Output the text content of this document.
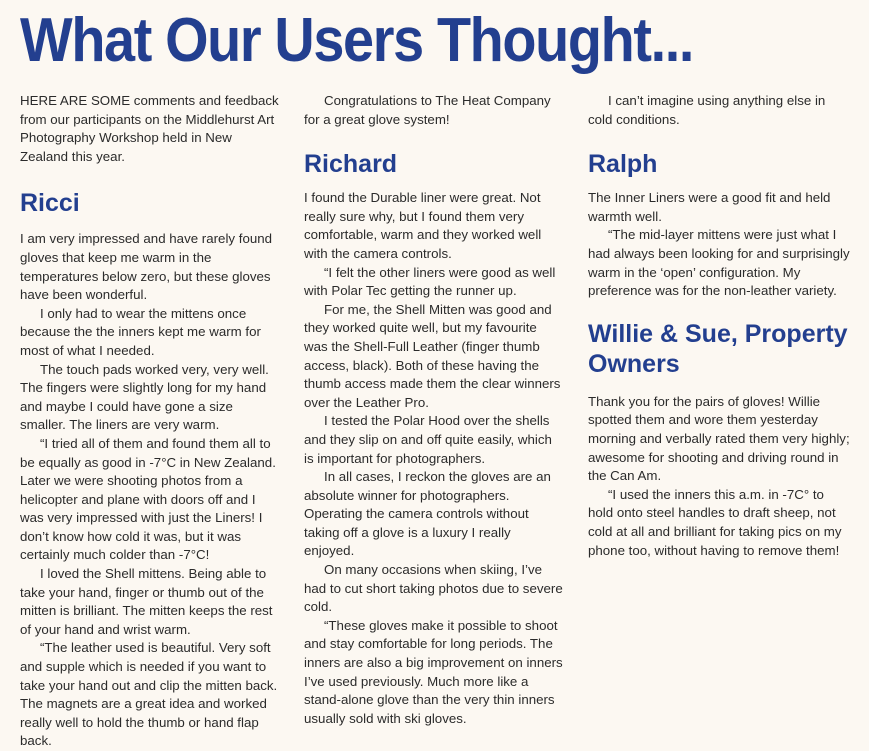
What Our Users Thought...

HERE ARE SOME comments and feedback from our participants on the Middlehurst Art Photography Workshop held in New Zealand this year.

Ricci

I am very impressed and have rarely found gloves that keep me warm in the temperatures below zero, but these gloves have been wonderful.

I only had to wear the mittens once because the the inners kept me warm for most of what I needed.

The touch pads worked very, very well. The fingers were slightly long for my hand and maybe I could have gone a size smaller. The liners are very warm.

“I tried all of them and found them all to be equally as good in -7°C in New Zealand. Later we were shooting photos from a helicopter and plane with doors off and I was very impressed with just the Liners! I don’t know how cold it was, but it was certainly much colder than -7°C!

I loved the Shell mittens. Being able to take your hand, finger or thumb out of the mitten is brilliant. The mitten keeps the rest of your hand and wrist warm.

“The leather used is beautiful. Very soft and supple which is needed if you want to take your hand out and clip the mitten back. The magnets are a great idea and worked really well to hold the thumb or hand flap back.

Congratulations to The Heat Company for a great glove system!

Richard

I found the Durable liner were great. Not really sure why, but I found them very comfortable, warm and they worked well with the camera controls.

“I felt the other liners were good as well with Polar Tec getting the runner up.

For me, the Shell Mitten was good and they worked quite well, but my favourite was the Shell-Full Leather (finger thumb access, black). Both of these having the thumb access made them the clear winners over the Leather Pro.

I tested the Polar Hood over the shells and they slip on and off quite easily, which is important for photographers.

In all cases, I reckon the gloves are an absolute winner for photographers. Operating the camera controls without taking off a glove is a luxury I really enjoyed.

On many occasions when skiing, I’ve had to cut short taking photos due to severe cold.

“These gloves make it possible to shoot and stay comfortable for long periods. The inners are also a big improvement on inners I’ve used previously. Much more like a stand-alone glove than the very thin inners usually sold with ski gloves.

I can’t imagine using anything else in cold conditions.

Ralph

The Inner Liners were a good fit and held warmth well.

“The mid-layer mittens were just what I had always been looking for and surprisingly warm in the ‘open’ configuration. My preference was for the non-leather variety.

Willie & Sue, Property Owners

Thank you for the pairs of gloves! Willie spotted them and wore them yesterday morning and verbally rated them very highly; awesome for shooting and driving round in the Can Am.

“I used the inners this a.m. in -7C° to hold onto steel handles to draft sheep, not cold at all and brilliant for taking pics on my phone too, without having to remove them!
